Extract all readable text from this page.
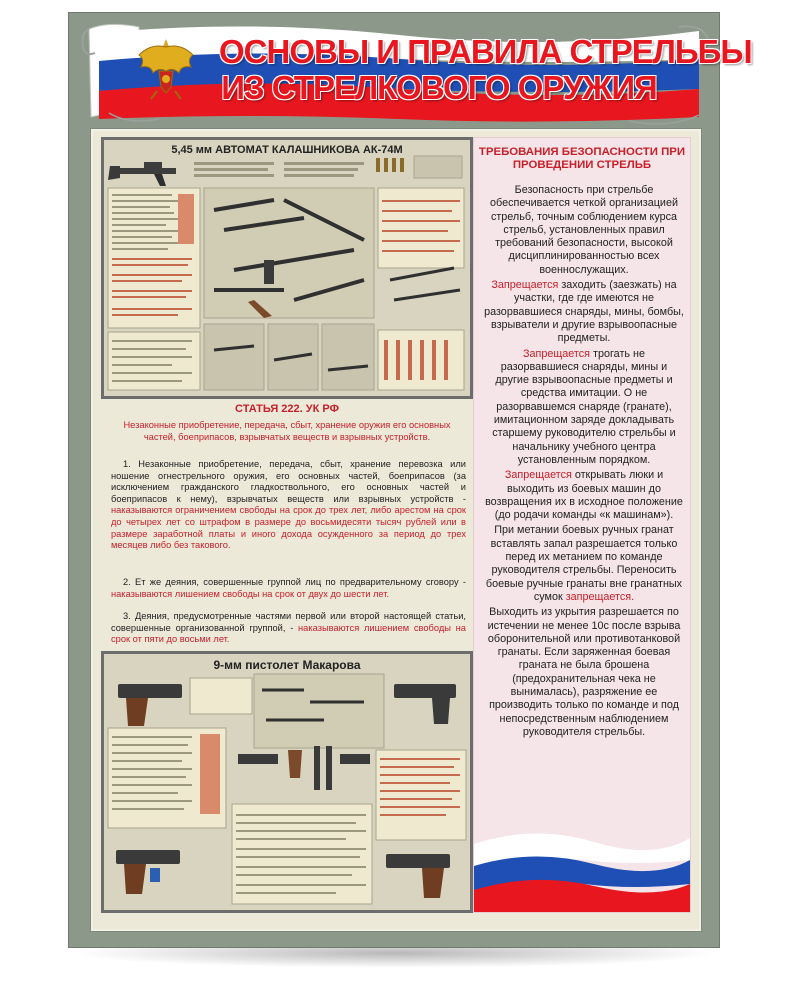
ОСНОВЫ И ПРАВИЛА СТРЕЛЬБЫ
ИЗ СТРЕЛКОВОГО ОРУЖИЯ
5,45 мм АВТОМАТ КАЛАШНИКОВА АК-74М
СТАТЬЯ 222. УК РФ

Незаконные приобретение, передача, сбыт, хранение оружия его основных частей, боеприпасов, взрывчатых веществ и взрывных устройств.

1. Незаконные приобретение, передача, сбыт, хранение перевозка или ношение огнестрельного оружия, его основных частей, боеприпасов (за исключением гражданского гладкоствольного, его основных частей и боеприпасов к нему), взрывчатых веществ или взрывных устройств - наказываются ограничением свободы на срок до трех лет, либо арестом на срок до четырех лет со штрафом в размере до восьмидесяти тысяч рублей или в размере заработной платы и иного дохода осужденного за период до трех месяцев либо без такового.

2. Ет же деяния, совершенные группой лиц по предварительному сговору - наказываются лишением свободы на срок от двух до шести лет.

3. Деяния, предусмотренные частями первой или второй настоящей статьи, совершенные организованной группой, - наказываются лишением свободы на срок от пяти до восьми лет.

9-мм пистолет Макарова
ТРЕБОВАНИЯ БЕЗОПАСНОСТИ ПРИ ПРОВЕДЕНИИ СТРЕЛЬБ

Безопасность при стрельбе обеспечивается четкой организацией стрельб, точным соблюдением курса стрельб, установленных правил требований безопасности, высокой дисциплинированностью всех военнослужащих.

Запрещается заходить (заезжать) на участки, где где имеются не разорвавшиеся снаряды, мины, бомбы, взрыватели и другие взрывоопасные предметы.

Запрещается трогать не разорвавшиеся снаряды, мины и другие взрывоопасные предметы и средства имитации. О не разорвавшемся снаряде (гранате), имитационном заряде докладывать старшему руководителю стрельбы и начальнику учебного центра установленным порядком.

Запрещается открывать люки и выходить из боевых машин до возвращения их в исходное положение (до родачи команды «к машинам»).

При метании боевых ручных гранат вставлять запал разрешается только перед их метанием по команде руководителя стрельбы. Переносить боевые ручные гранаты вне гранатных сумок запрещается.

Выходить из укрытия разрешается по истечении не менее 10с после взрыва оборонительной или противотанковой гранаты. Если заряженная боевая граната не была брошена (предохранительная чека не вынималась), разряжение ее производить только по команде и под непосредственным наблюдением руководителя стрельбы.
